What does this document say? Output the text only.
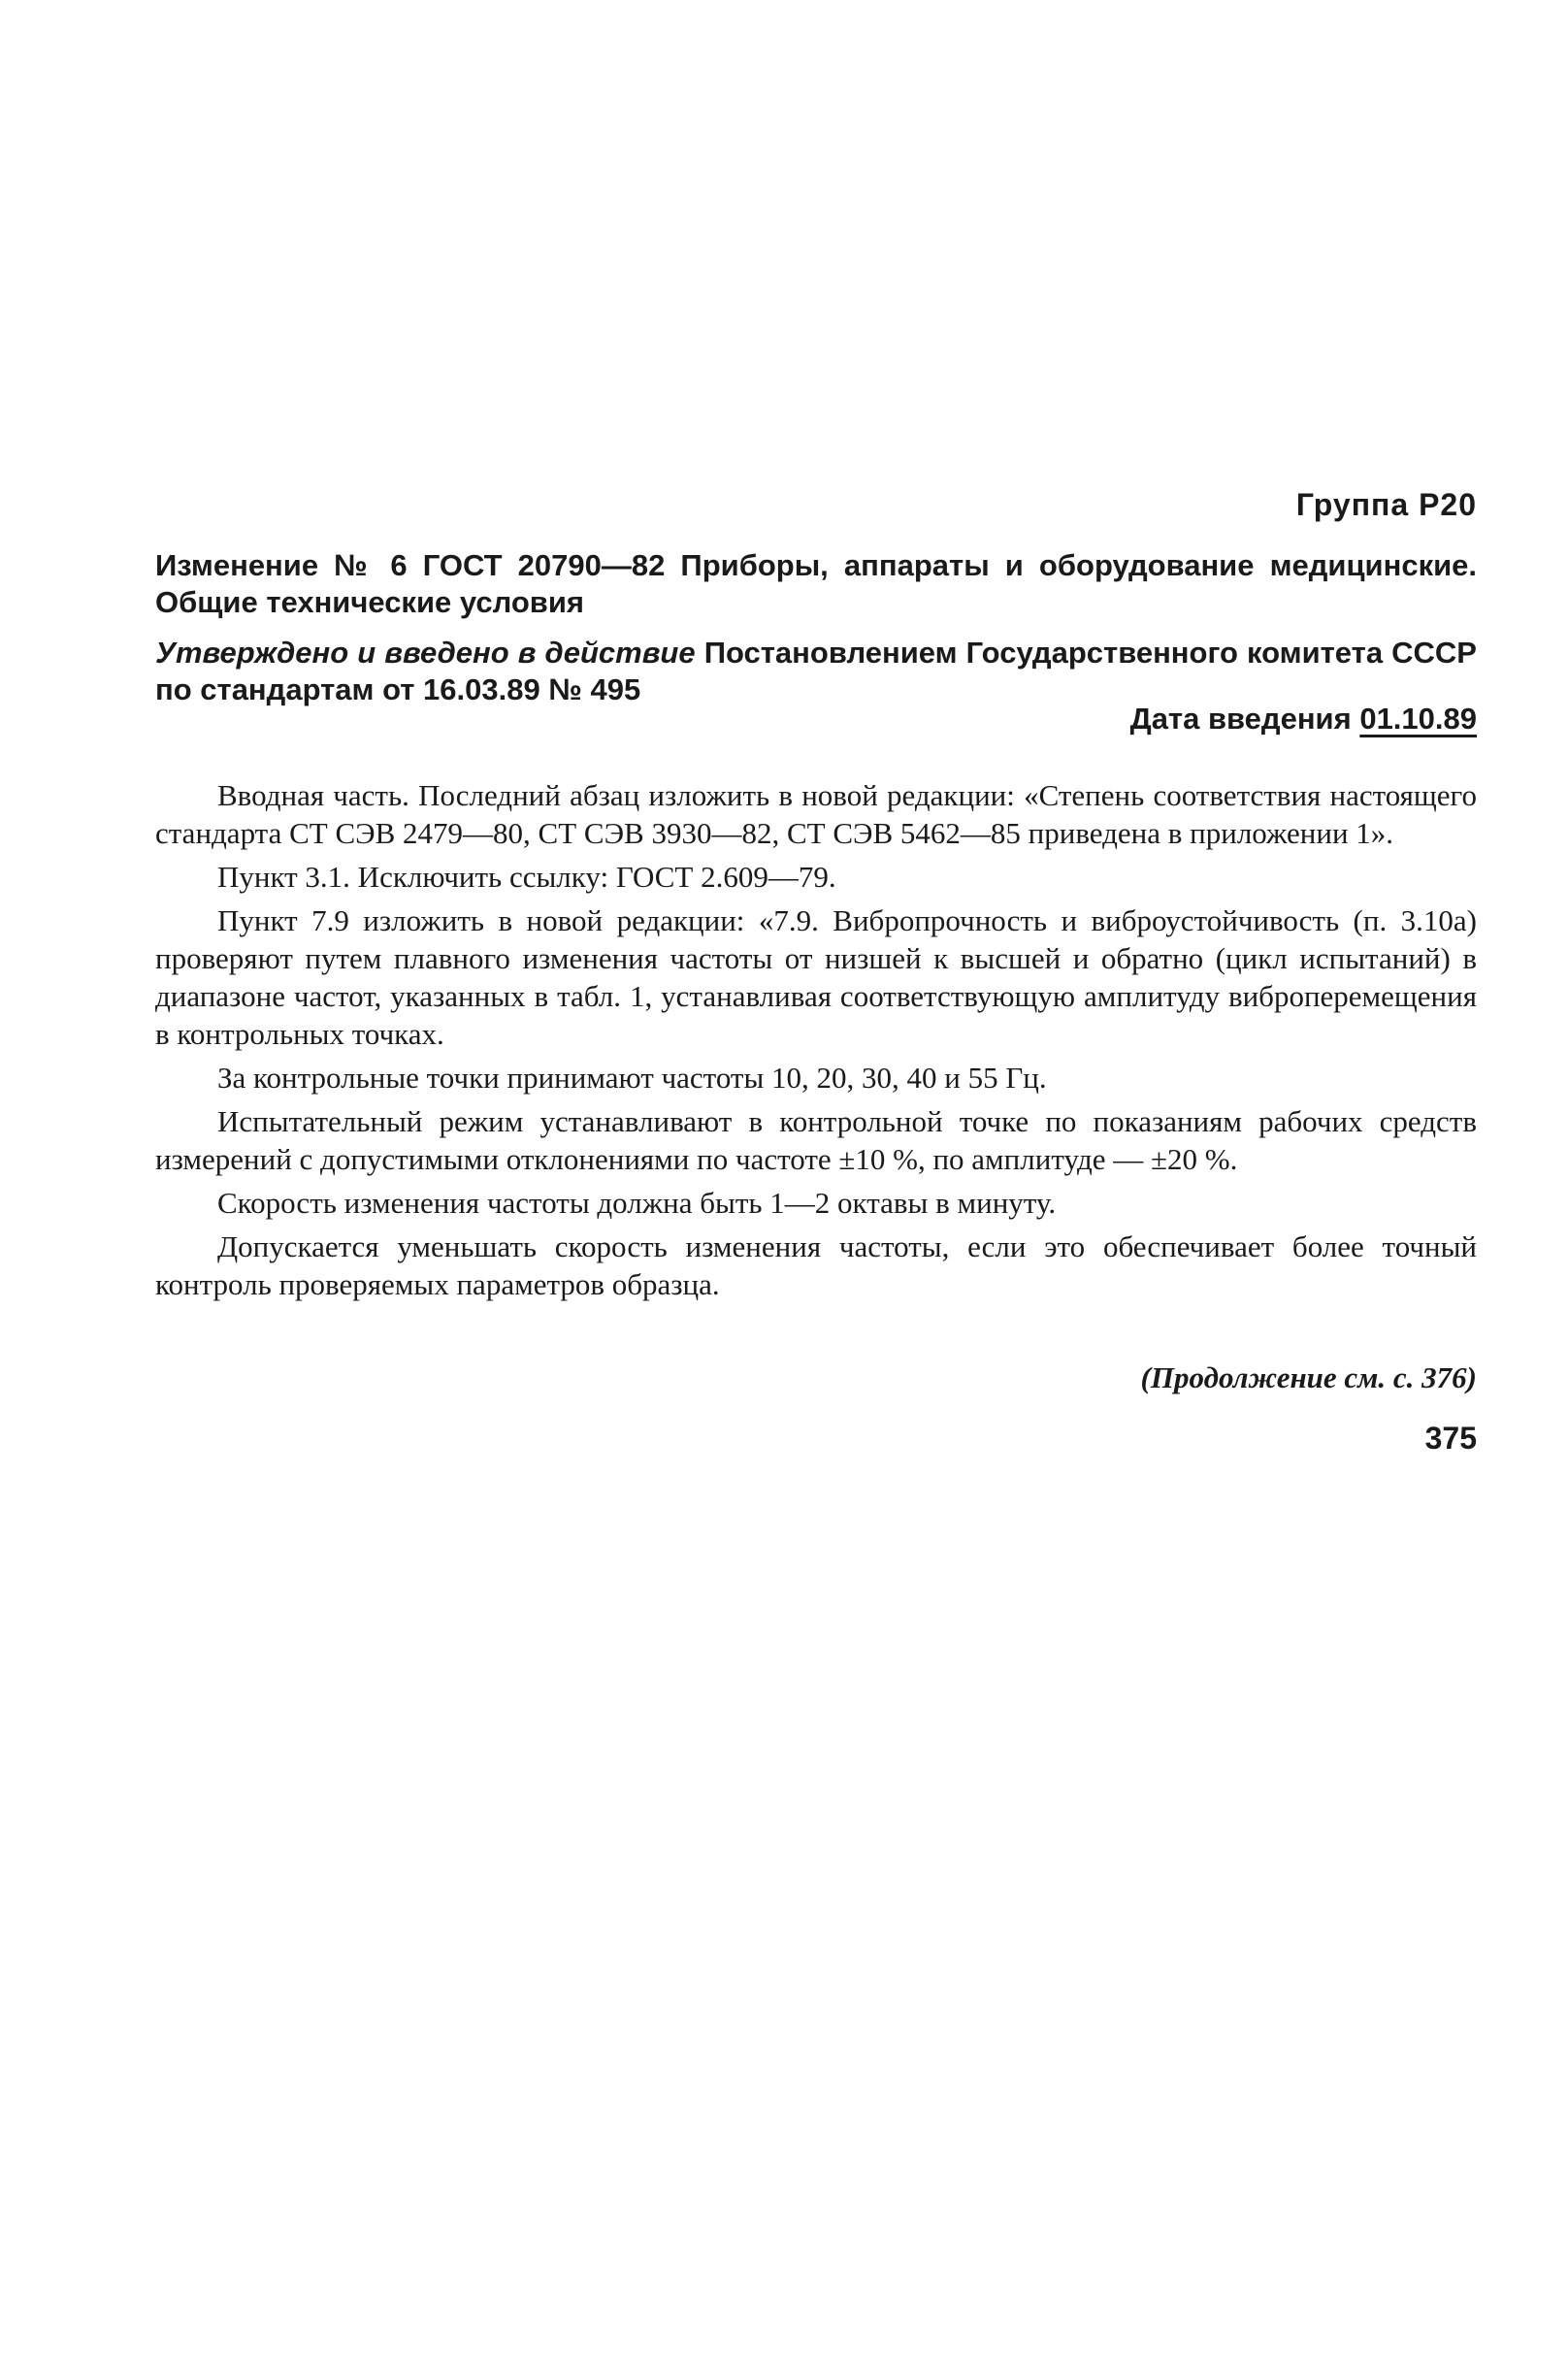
Группа Р20
Изменение № 6 ГОСТ 20790—82 Приборы, аппараты и оборудование медицинские. Общие технические условия
Утверждено и введено в действие Постановлением Государственного комитета СССР по стандартам от 16.03.89 № 495
Дата введения 01.10.89

Вводная часть. Последний абзац изложить в новой редакции: «Степень соответствия настоящего стандарта СТ СЭВ 2479—80, СТ СЭВ 3930—82, СТ СЭВ 5462—85 приведена в приложении 1».

Пункт 3.1. Исключить ссылку: ГОСТ 2.609—79.

Пункт 7.9 изложить в новой редакции: «7.9. Вибропрочность и виброустойчивость (п. 3.10а) проверяют путем плавного изменения частоты от низшей к высшей и обратно (цикл испытаний) в диапазоне частот, указанных в табл. 1, устанавливая соответствующую амплитуду виброперемещения в контрольных точках.

За контрольные точки принимают частоты 10, 20, 30, 40 и 55 Гц.

Испытательный режим устанавливают в контрольной точке по показаниям рабочих средств измерений с допустимыми отклонениями по частоте ±10 %, по амплитуде — ±20 %.

Скорость изменения частоты должна быть 1—2 октавы в минуту.

Допускается уменьшать скорость изменения частоты, если это обеспечивает более точный контроль проверяемых параметров образца.

(Продолжение см. с. 376)
375
